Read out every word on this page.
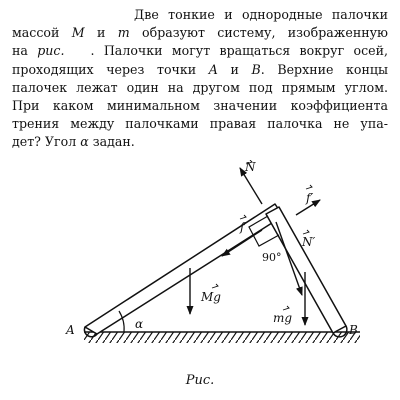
Две тонкие и однородные палочки
массой M и m образуют систему, изображенную
на рис. . Палочки могут вращаться вокруг осей,
проходящих через точки A и B. Верхние концы
палочек лежат один на другом под прямым углом.
При каком минимальном значении коэффициента
трения между палочками правая палочка не упа-
дет? Угол α задан.
90°
α
N
f′
f
N′
Mg
mg
A	B
Рис.
